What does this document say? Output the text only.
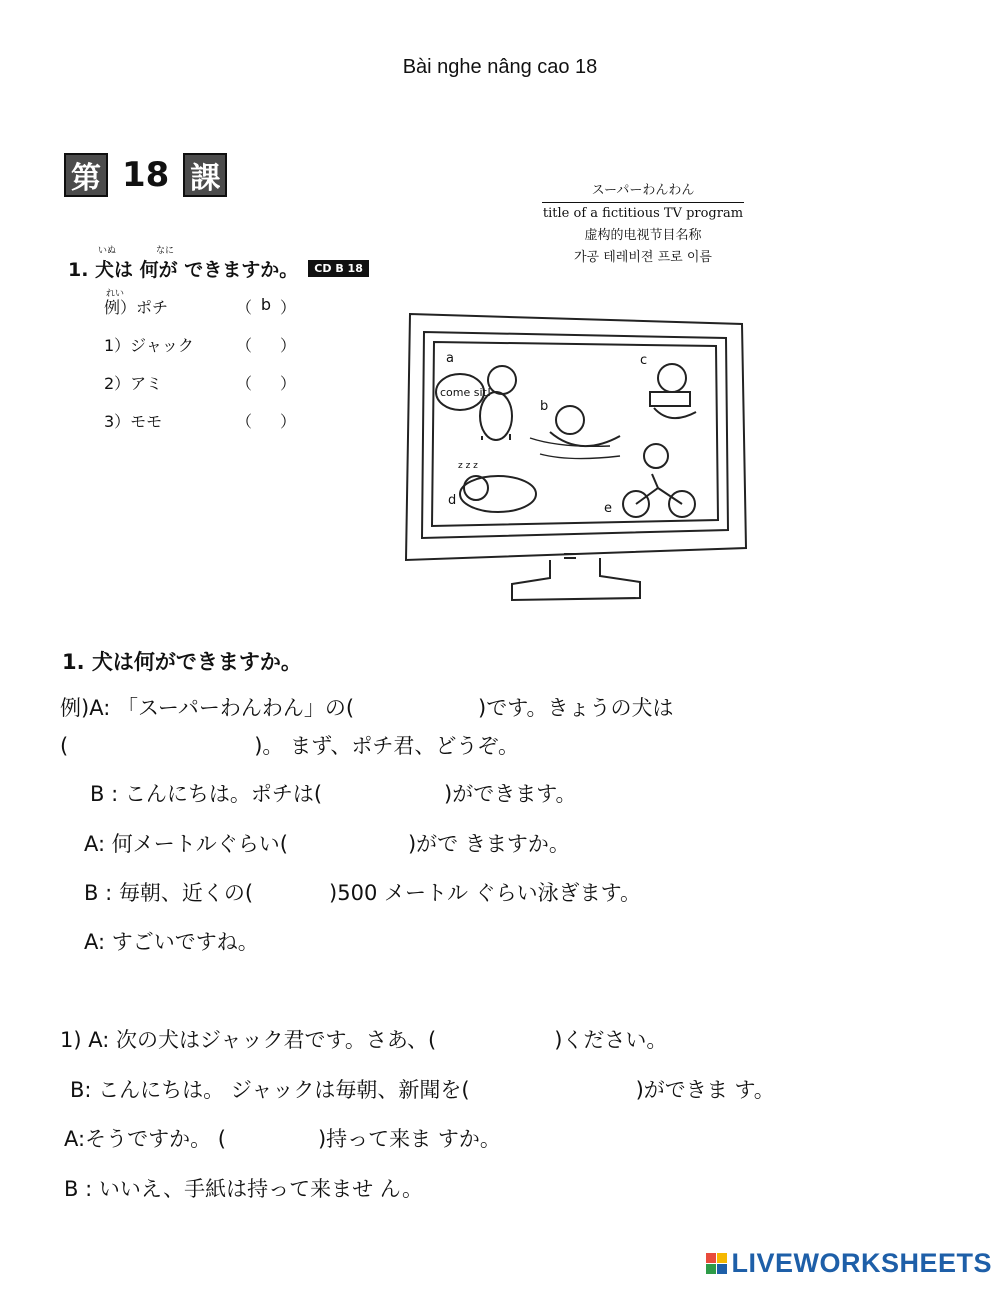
Bài nghe nâng cao 18
第 18 課	スーパーわんわん
title of a fictitious TV program
虚构的电视节目名称
가공 테레비젼 프로 이름
いぬ	なに
1. 犬は 何が できますか。	CD B 18
れい
例）ポチ	（ b ）
1）ジャック	（ ）
2）アミ	（ ）
3）モモ	（ ）
a
b
c
d
e
come sit!
z z z
1. 犬は何ができますか。
例)A: 「スーパーわんわん」の(	)です。きょうの犬は
(	)。 まず、ポチ君、どうぞ。
B : こんにちは。ポチは(	)ができます。
A: 何メートルぐらい(	)がで きますか。
B : 毎朝、近くの(	)500 メートル ぐらい泳ぎます。
A: すごいですね。
1) A: 次の犬はジャック君です。さあ、(	)ください。
B: こんにちは。 ジャックは毎朝、新聞を(	)ができま す。
A:そうですか。 (	)持って来ま すか。
B : いいえ、手紙は持って来ませ ん。
LIVEWORKSHEETS
